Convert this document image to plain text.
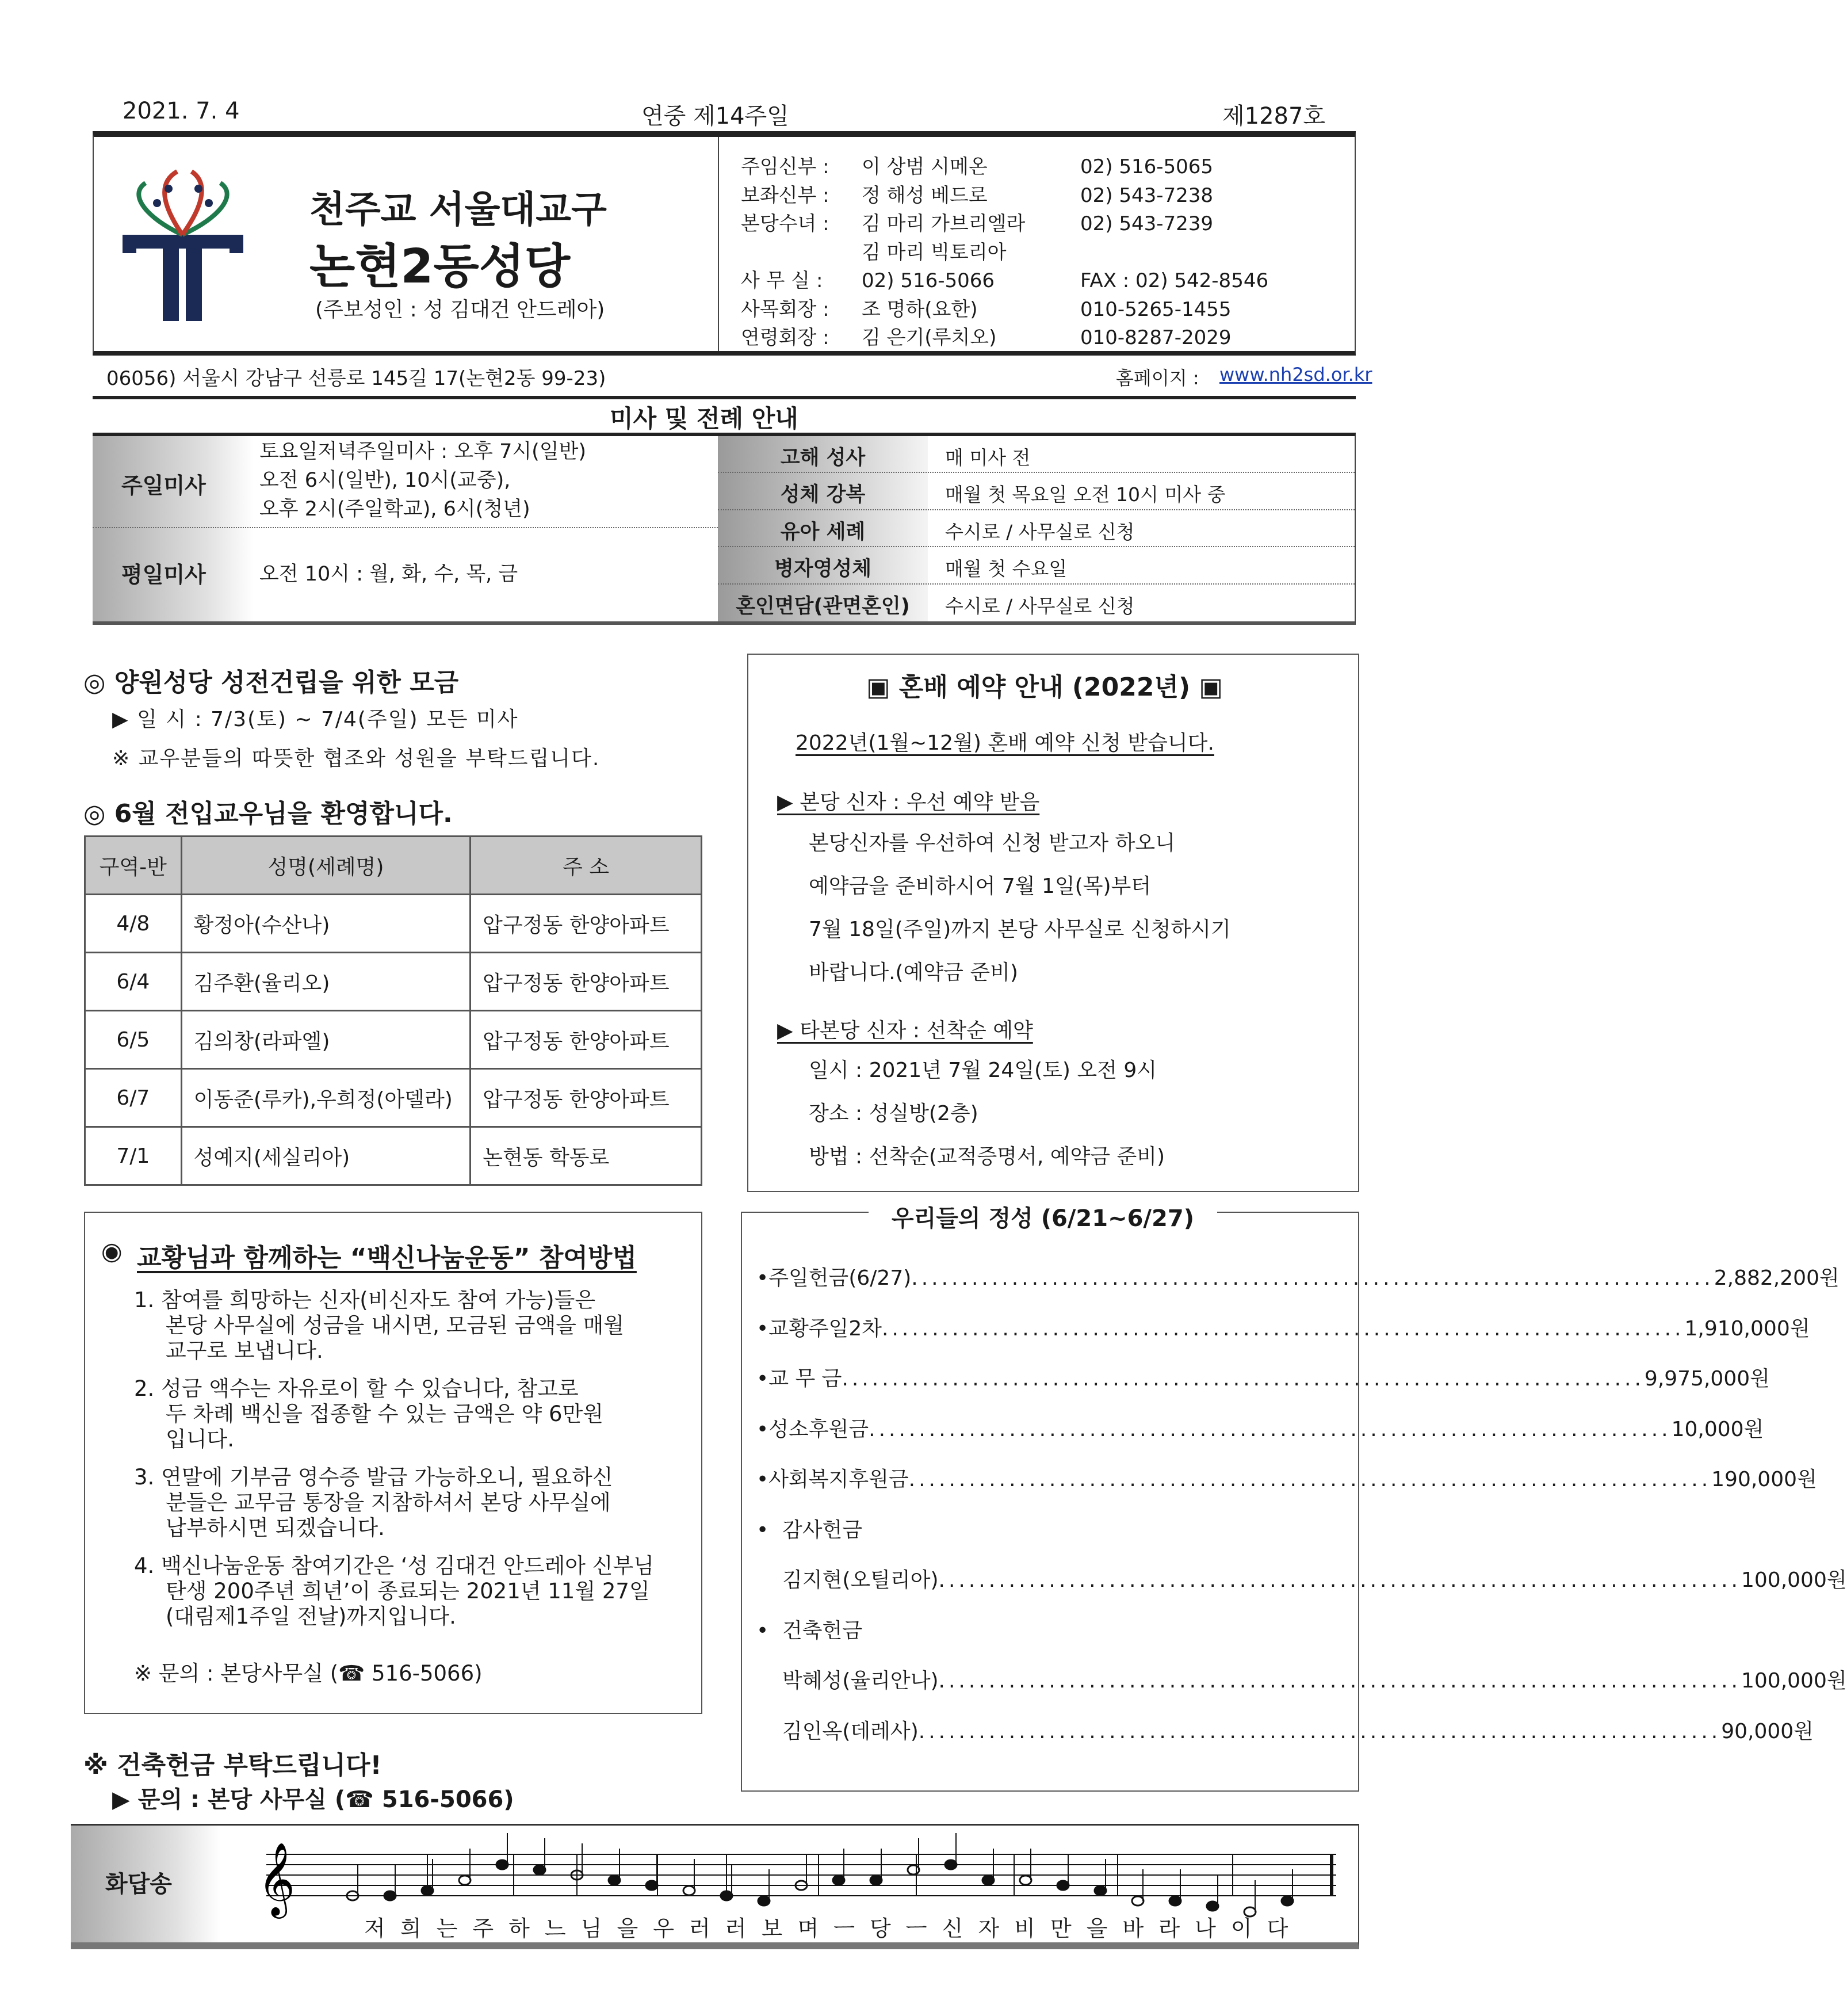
2021. 7. 4	연중 제14주일	제1287호
천주교 서울대교구
논현2동성당
(주보성인 : 성 김대건 안드레아)
주임신부 :	이 상범 시메온	02) 516-5065
보좌신부 :	정 해성 베드로	02) 543-7238
본당수녀 :	김 마리 가브리엘라	02) 543-7239
김 마리 빅토리아
사 무 실 :	02) 516-5066	FAX : 02) 542-8546
사목회장 :	조 명하(요한)	010-5265-1455
연령회장 :	김 은기(루치오)	010-8287-2029
06056) 서울시 강남구 선릉로 145길 17(논현2동 99-23)	홈페이지 : www.nh2sd.or.kr
미사 및 전례 안내
주일미사
토요일저녁주일미사 : 오후 7시(일반)
오전 6시(일반), 10시(교중),
오후 2시(주일학교), 6시(청년)
평일미사	오전 10시 : 월, 화, 수, 목, 금
고해 성사	매 미사 전
성체 강복	매월 첫 목요일 오전 10시 미사 중
유아 세례	수시로 / 사무실로 신청
병자영성체	매월 첫 수요일
혼인면담(관면혼인)	수시로 / 사무실로 신청
◎ 양원성당 성전건립을 위한 모금
▶ 일 시 : 7/3(토) ~ 7/4(주일) 모든 미사
※ 교우분들의 따뜻한 협조와 성원을 부탁드립니다.
◎ 6월 전입교우님을 환영합니다.
구역-반	성명(세례명)	주 소
4/8	황정아(수산나)	압구정동 한양아파트
6/4	김주환(율리오)	압구정동 한양아파트
6/5	김의창(라파엘)	압구정동 한양아파트
6/7	이동준(루카),우희정(아델라)	압구정동 한양아파트
7/1	성예지(세실리아)	논현동 학동로
▣ 혼배 예약 안내 (2022년) ▣
2022년(1월~12월) 혼배 예약 신청 받습니다.
▶ 본당 신자 : 우선 예약 받음
본당신자를 우선하여 신청 받고자 하오니
예약금을 준비하시어 7월 1일(목)부터
7월 18일(주일)까지 본당 사무실로 신청하시기
바랍니다.(예약금 준비)
▶ 타본당 신자 : 선착순 예약
일시 : 2021년 7월 24일(토) 오전 9시
장소 : 성실방(2층)
방법 : 선착순(교적증명서, 예약금 준비)
◉ 교황님과 함께하는 “백신나눔운동” 참여방법
1. 참여를 희망하는 신자(비신자도 참여 가능)들은
본당 사무실에 성금을 내시면, 모금된 금액을 매월
교구로 보냅니다.
2. 성금 액수는 자유로이 할 수 있습니다, 참고로
두 차례 백신을 접종할 수 있는 금액은 약 6만원
입니다.
3. 연말에 기부금 영수증 발급 가능하오니, 필요하신
분들은 교무금 통장을 지참하셔서 본당 사무실에
납부하시면 되겠습니다.
4. 백신나눔운동 참여기간은 ‘성 김대건 안드레아 신부님
탄생 200주년 희년’이 종료되는 2021년 11월 27일
(대림제1주일 전날)까지입니다.
※ 문의 : 본당사무실 (☎ 516-5066)
우리들의 정성 (6/21~6/27)
• 주일헌금(6/27) ................................................................................ 2,882,200원
• 교황주일2차 ................................................................................ 1,910,000원
• 교 무 금 ................................................................................ 9,975,000원
• 성소후원금 ................................................................................ 10,000원
• 사회복지후원금 ................................................................................ 190,000원
• 감사헌금
김지현(오틸리아) ................................................................................ 100,000원
• 건축헌금
박혜성(율리안나) ................................................................................ 100,000원
김인옥(데레사) ................................................................................ 90,000원
※ 건축헌금 부탁드립니다!
▶ 문의 : 본당 사무실 (☎ 516-5066)
화답송 𝄞
저 희 는 주 하 느 님 을 우 러 러 보 며 ㅡ 당 ㅡ 신 자 비 만 을 바 라 나 이 다
